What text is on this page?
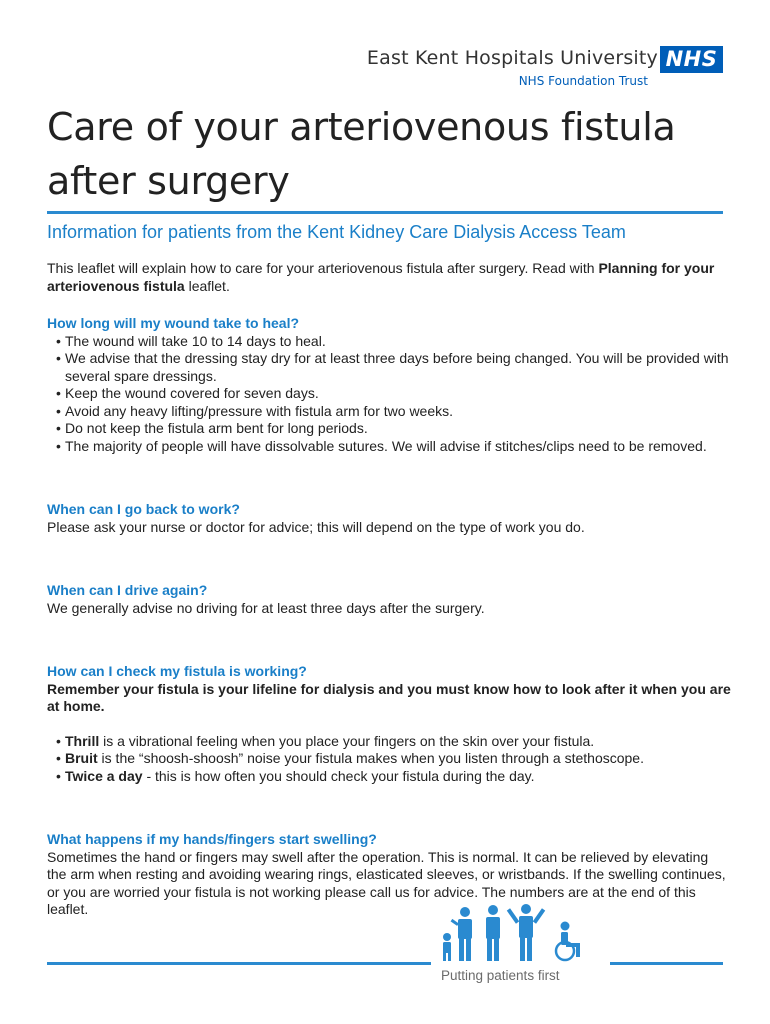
East Kent Hospitals University
NHS Foundation Trust
NHS
Care of your arteriovenous fistula
after surgery
Information for patients from the Kent Kidney Care Dialysis Access Team

This leaflet will explain how to care for your arteriovenous fistula after surgery. Read with Planning for your arteriovenous fistula leaflet.

How long will my wound take to heal?

• The wound will take 10 to 14 days to heal.
• We advise that the dressing stay dry for at least three days before being changed. You will be provided with several spare dressings.
• Keep the wound covered for seven days.
• Avoid any heavy lifting/pressure with fistula arm for two weeks.
• Do not keep the fistula arm bent for long periods.
• The majority of people will have dissolvable sutures. We will advise if stitches/clips need to be removed.

When can I go back to work?

Please ask your nurse or doctor for advice; this will depend on the type of work you do.

When can I drive again?

We generally advise no driving for at least three days after the surgery.

How can I check my fistula is working?

Remember your fistula is your lifeline for dialysis and you must know how to look after it when you are at home.

• Thrill is a vibrational feeling when you place your fingers on the skin over your fistula.
• Bruit is the “shoosh-shoosh” noise your fistula makes when you listen through a stethoscope.
• Twice a day - this is how often you should check your fistula during the day.

What happens if my hands/fingers start swelling?

Sometimes the hand or fingers may swell after the operation. This is normal. It can be relieved by elevating the arm when resting and avoiding wearing rings, elasticated sleeves, or wristbands. If the swelling continues, or you are worried your fistula is not working please call us for advice. The numbers are at the end of this leaflet.

Putting patients first
